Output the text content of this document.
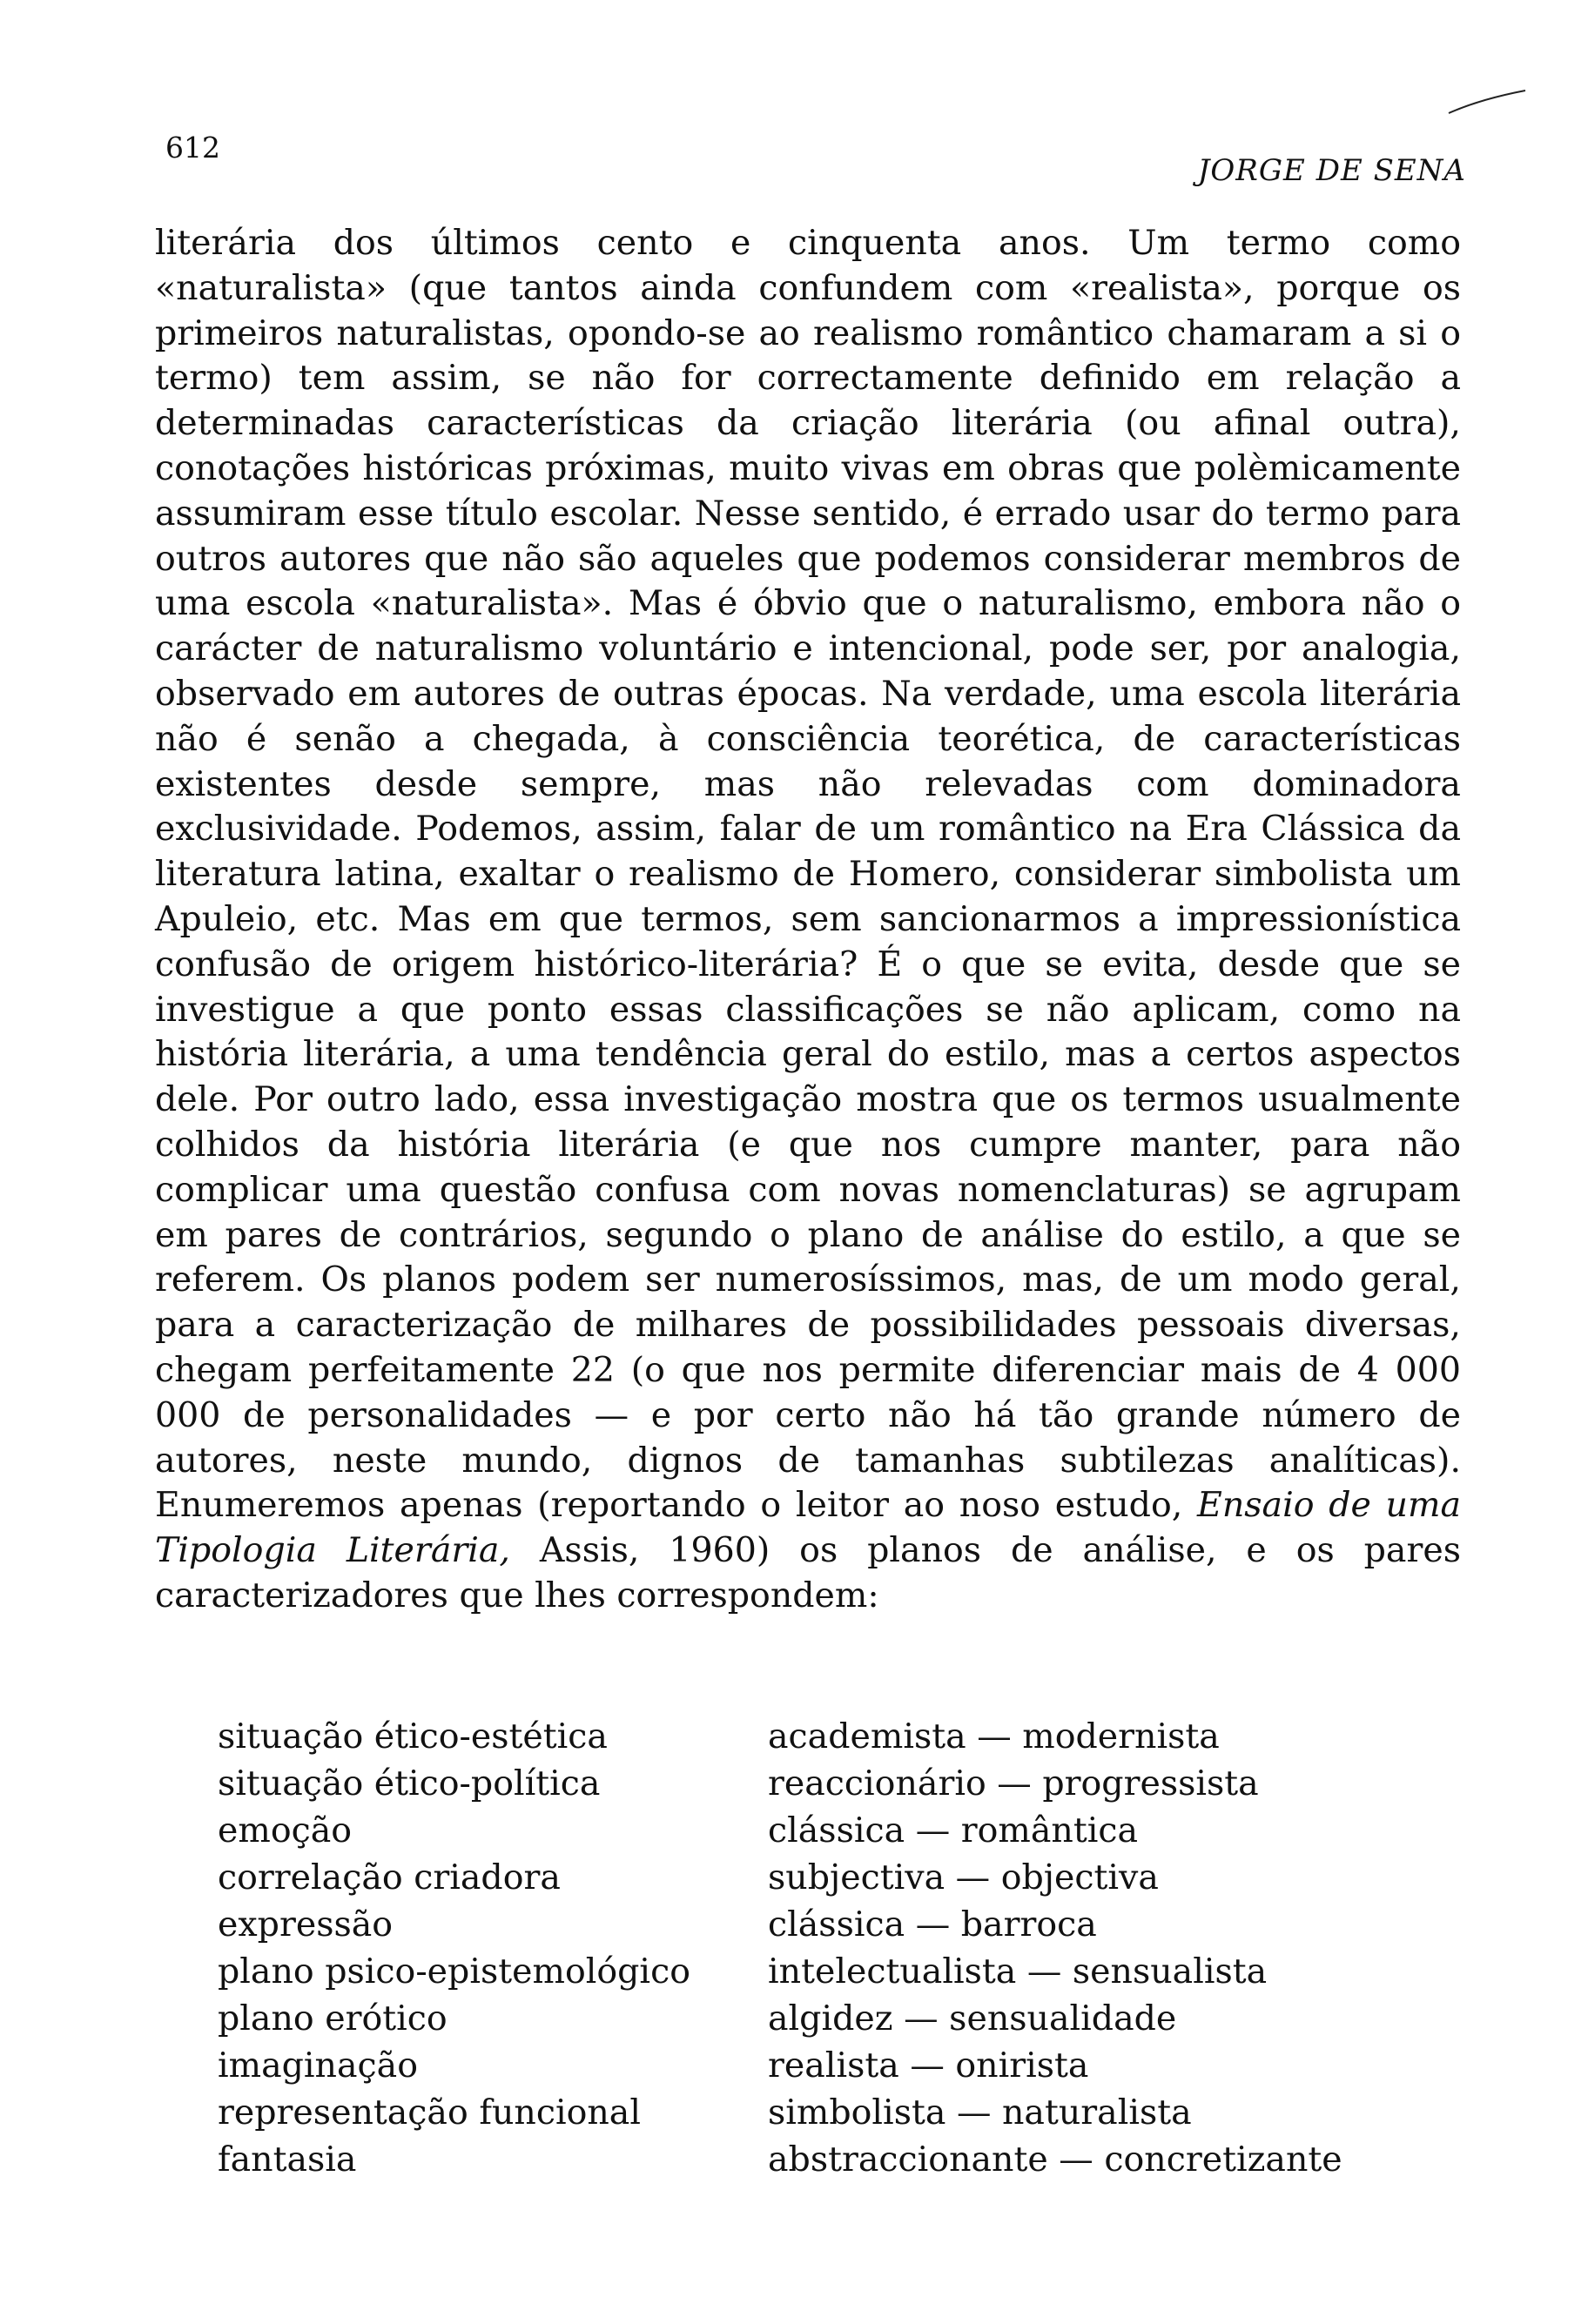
612
JORGE DE SENA
literária dos últimos cento e cinquenta anos. Um termo como «naturalista» (que tantos ainda confundem com «realista», porque os primeiros naturalistas, opondo-se ao realismo romântico chamaram a si o termo) tem assim, se não for correctamente definido em relação a determinadas características da criação literária (ou afinal outra), conotações históricas próximas, muito vivas em obras que polèmicamente assumiram esse título escolar. Nesse sentido, é errado usar do termo para outros autores que não são aqueles que podemos considerar membros de uma escola «naturalista». Mas é óbvio que o naturalismo, embora não o carácter de naturalismo voluntário e intencional, pode ser, por analogia, observado em autores de outras épocas. Na verdade, uma escola literária não é senão a chegada, à consciência teorética, de características existentes desde sempre, mas não relevadas com dominadora exclusividade. Podemos, assim, falar de um romântico na Era Clássica da literatura latina, exaltar o realismo de Homero, considerar simbolista um Apuleio, etc. Mas em que termos, sem sancionarmos a impressionística confusão de origem histórico-literária? É o que se evita, desde que se investigue a que ponto essas classificações se não aplicam, como na história literária, a uma tendência geral do estilo, mas a certos aspectos dele. Por outro lado, essa investigação mostra que os termos usualmente colhidos da história literária (e que nos cumpre manter, para não complicar uma questão confusa com novas nomenclaturas) se agrupam em pares de contrários, segundo o plano de análise do estilo, a que se referem. Os planos podem ser numerosíssimos, mas, de um modo geral, para a caracterização de milhares de possibilidades pessoais diversas, chegam perfeitamente 22 (o que nos permite diferenciar mais de 4 000 000 de personalidades — e por certo não há tão grande número de autores, neste mundo, dignos de tamanhas subtilezas analíticas). Enumeremos apenas (reportando o leitor ao noso estudo, Ensaio de uma Tipologia Literária, Assis, 1960) os planos de análise, e os pares caracterizadores que lhes correspondem:
situação ético-estética	academista — modernista
situação ético-política	reaccionário — progressista
emoção	clássica — romântica
correlação criadora	subjectiva — objectiva
expressão	clássica — barroca
plano psico-epistemológico	intelectualista — sensualista
plano erótico	algidez — sensualidade
imaginação	realista — onirista
representação funcional	simbolista — naturalista
fantasia	abstraccionante — concretizante
